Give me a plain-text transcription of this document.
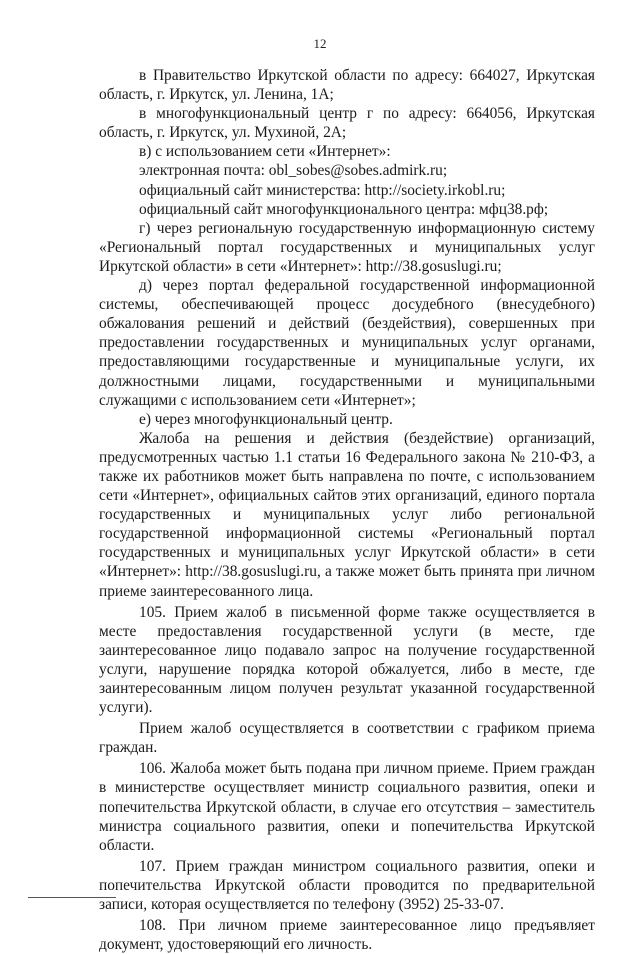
12

в Правительство Иркутской области по адресу: 664027, Иркутская область, г. Иркутск, ул. Ленина, 1А;

в многофункциональный центр г по адресу: 664056, Иркутская область, г. Иркутск, ул. Мухиной, 2А;

в) с использованием сети «Интернет»:

электронная почта: obl_sobes@sobes.admirk.ru;

официальный сайт министерства: http://society.irkobl.ru;

официальный сайт многофункционального центра: мфц38.рф;

г) через региональную государственную информационную систему «Региональный портал государственных и муниципальных услуг Иркутской области» в сети «Интернет»: http://38.gosuslugi.ru;

д) через портал федеральной государственной информационной системы, обеспечивающей процесс досудебного (внесудебного) обжалования решений и действий (бездействия), совершенных при предоставлении государственных и муниципальных услуг органами, предоставляющими государственные и муниципальные услуги, их должностными лицами, государственными и муниципальными служащими с использованием сети «Интернет»;

е) через многофункциональный центр.

Жалоба на решения и действия (бездействие) организаций, предусмотренных частью 1.1 статьи 16 Федерального закона № 210-ФЗ, а также их работников может быть направлена по почте, с использованием сети «Интернет», официальных сайтов этих организаций, единого портала государственных и муниципальных услуг либо региональной государственной информационной системы «Региональный портал государственных и муниципальных услуг Иркутской области» в сети «Интернет»: http://38.gosuslugi.ru, а также может быть принята при личном приеме заинтересованного лица.

105. Прием жалоб в письменной форме также осуществляется в месте предоставления государственной услуги (в месте, где заинтересованное лицо подавало запрос на получение государственной услуги, нарушение порядка которой обжалуется, либо в месте, где заинтересованным лицом получен результат указанной государственной услуги).

Прием жалоб осуществляется в соответствии с графиком приема граждан.

106. Жалоба может быть подана при личном приеме. Прием граждан в министерстве осуществляет министр социального развития, опеки и попечительства Иркутской области, в случае его отсутствия – заместитель министра социального развития, опеки и попечительства Иркутской области.

107. Прием граждан министром социального развития, опеки и попечительства Иркутской области проводится по предварительной записи, которая осуществляется по телефону (3952) 25-33-07.

108. При личном приеме заинтересованное лицо предъявляет документ, удостоверяющий его личность.
